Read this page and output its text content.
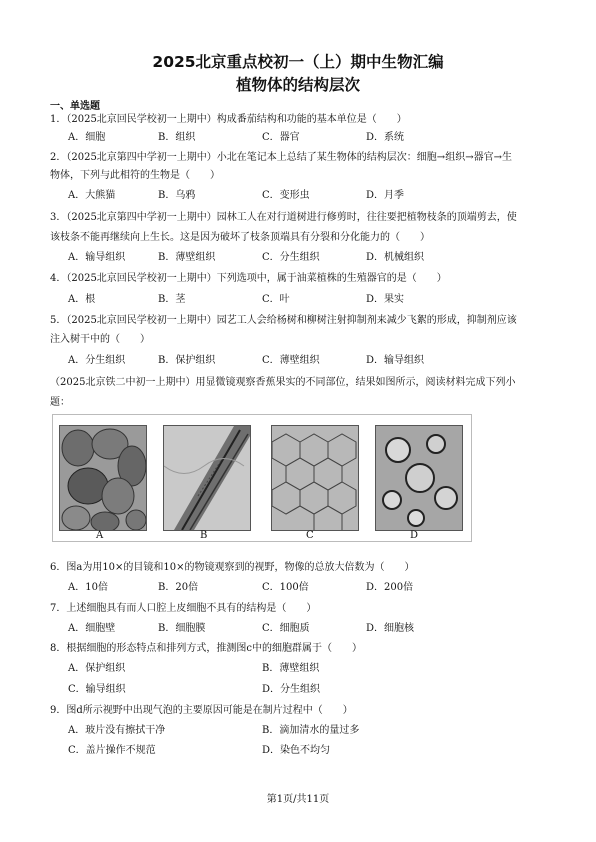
2025北京重点校初一（上）期中生物汇编
植物体的结构层次
一、单选题
1．（2025北京回民学校初一上期中）构成番茄结构和功能的基本单位是（　　）
A．细胞	B．组织	C．器官	D．系统
2．（2025北京第四中学初一上期中）小北在笔记本上总结了某生物体的结构层次：细胞→组织→器官→生
物体，下列与此相符的生物是（　　）
A．大熊猫	B．乌鸦	C．变形虫	D．月季
3．（2025北京第四中学初一上期中）园林工人在对行道树进行修剪时，往往要把植物枝条的顶端剪去，使
该枝条不能再继续向上生长。这是因为破坏了枝条顶端具有分裂和分化能力的（　　）
A．输导组织	B．薄壁组织	C．分生组织	D．机械组织
4．（2025北京回民学校初一上期中）下列选项中，属于油菜植株的生殖器官的是（　　）
A．根	B．茎	C．叶	D．果实
5．（2025北京回民学校初一上期中）园艺工人会给杨树和柳树注射抑制剂来减少飞絮的形成，抑制剂应该
注入树干中的（　　）
A．分生组织	B．保护组织	C．薄壁组织	D．输导组织
（2025北京铁二中初一上期中）用显微镜观察香蕉果实的不同部位，结果如图所示，阅读材料完成下列小
题：
A	B	C	D
6．图a为用10×的目镜和10×的物镜观察到的视野，物像的总放大倍数为（　　）
A．10倍	B．20倍	C．100倍	D．200倍
7．上述细胞具有而人口腔上皮细胞不具有的结构是（　　）
A．细胞壁	B．细胞膜	C．细胞质	D．细胞核
8．根据细胞的形态特点和排列方式，推测图c中的细胞群属于（　　）
A．保护组织	B．薄壁组织
C．输导组织	D．分生组织
9．图d所示视野中出现气泡的主要原因可能是在制片过程中（　　）
A．玻片没有擦拭干净	B．滴加清水的量过多
C．盖片操作不规范	D．染色不均匀
第1页/共11页
